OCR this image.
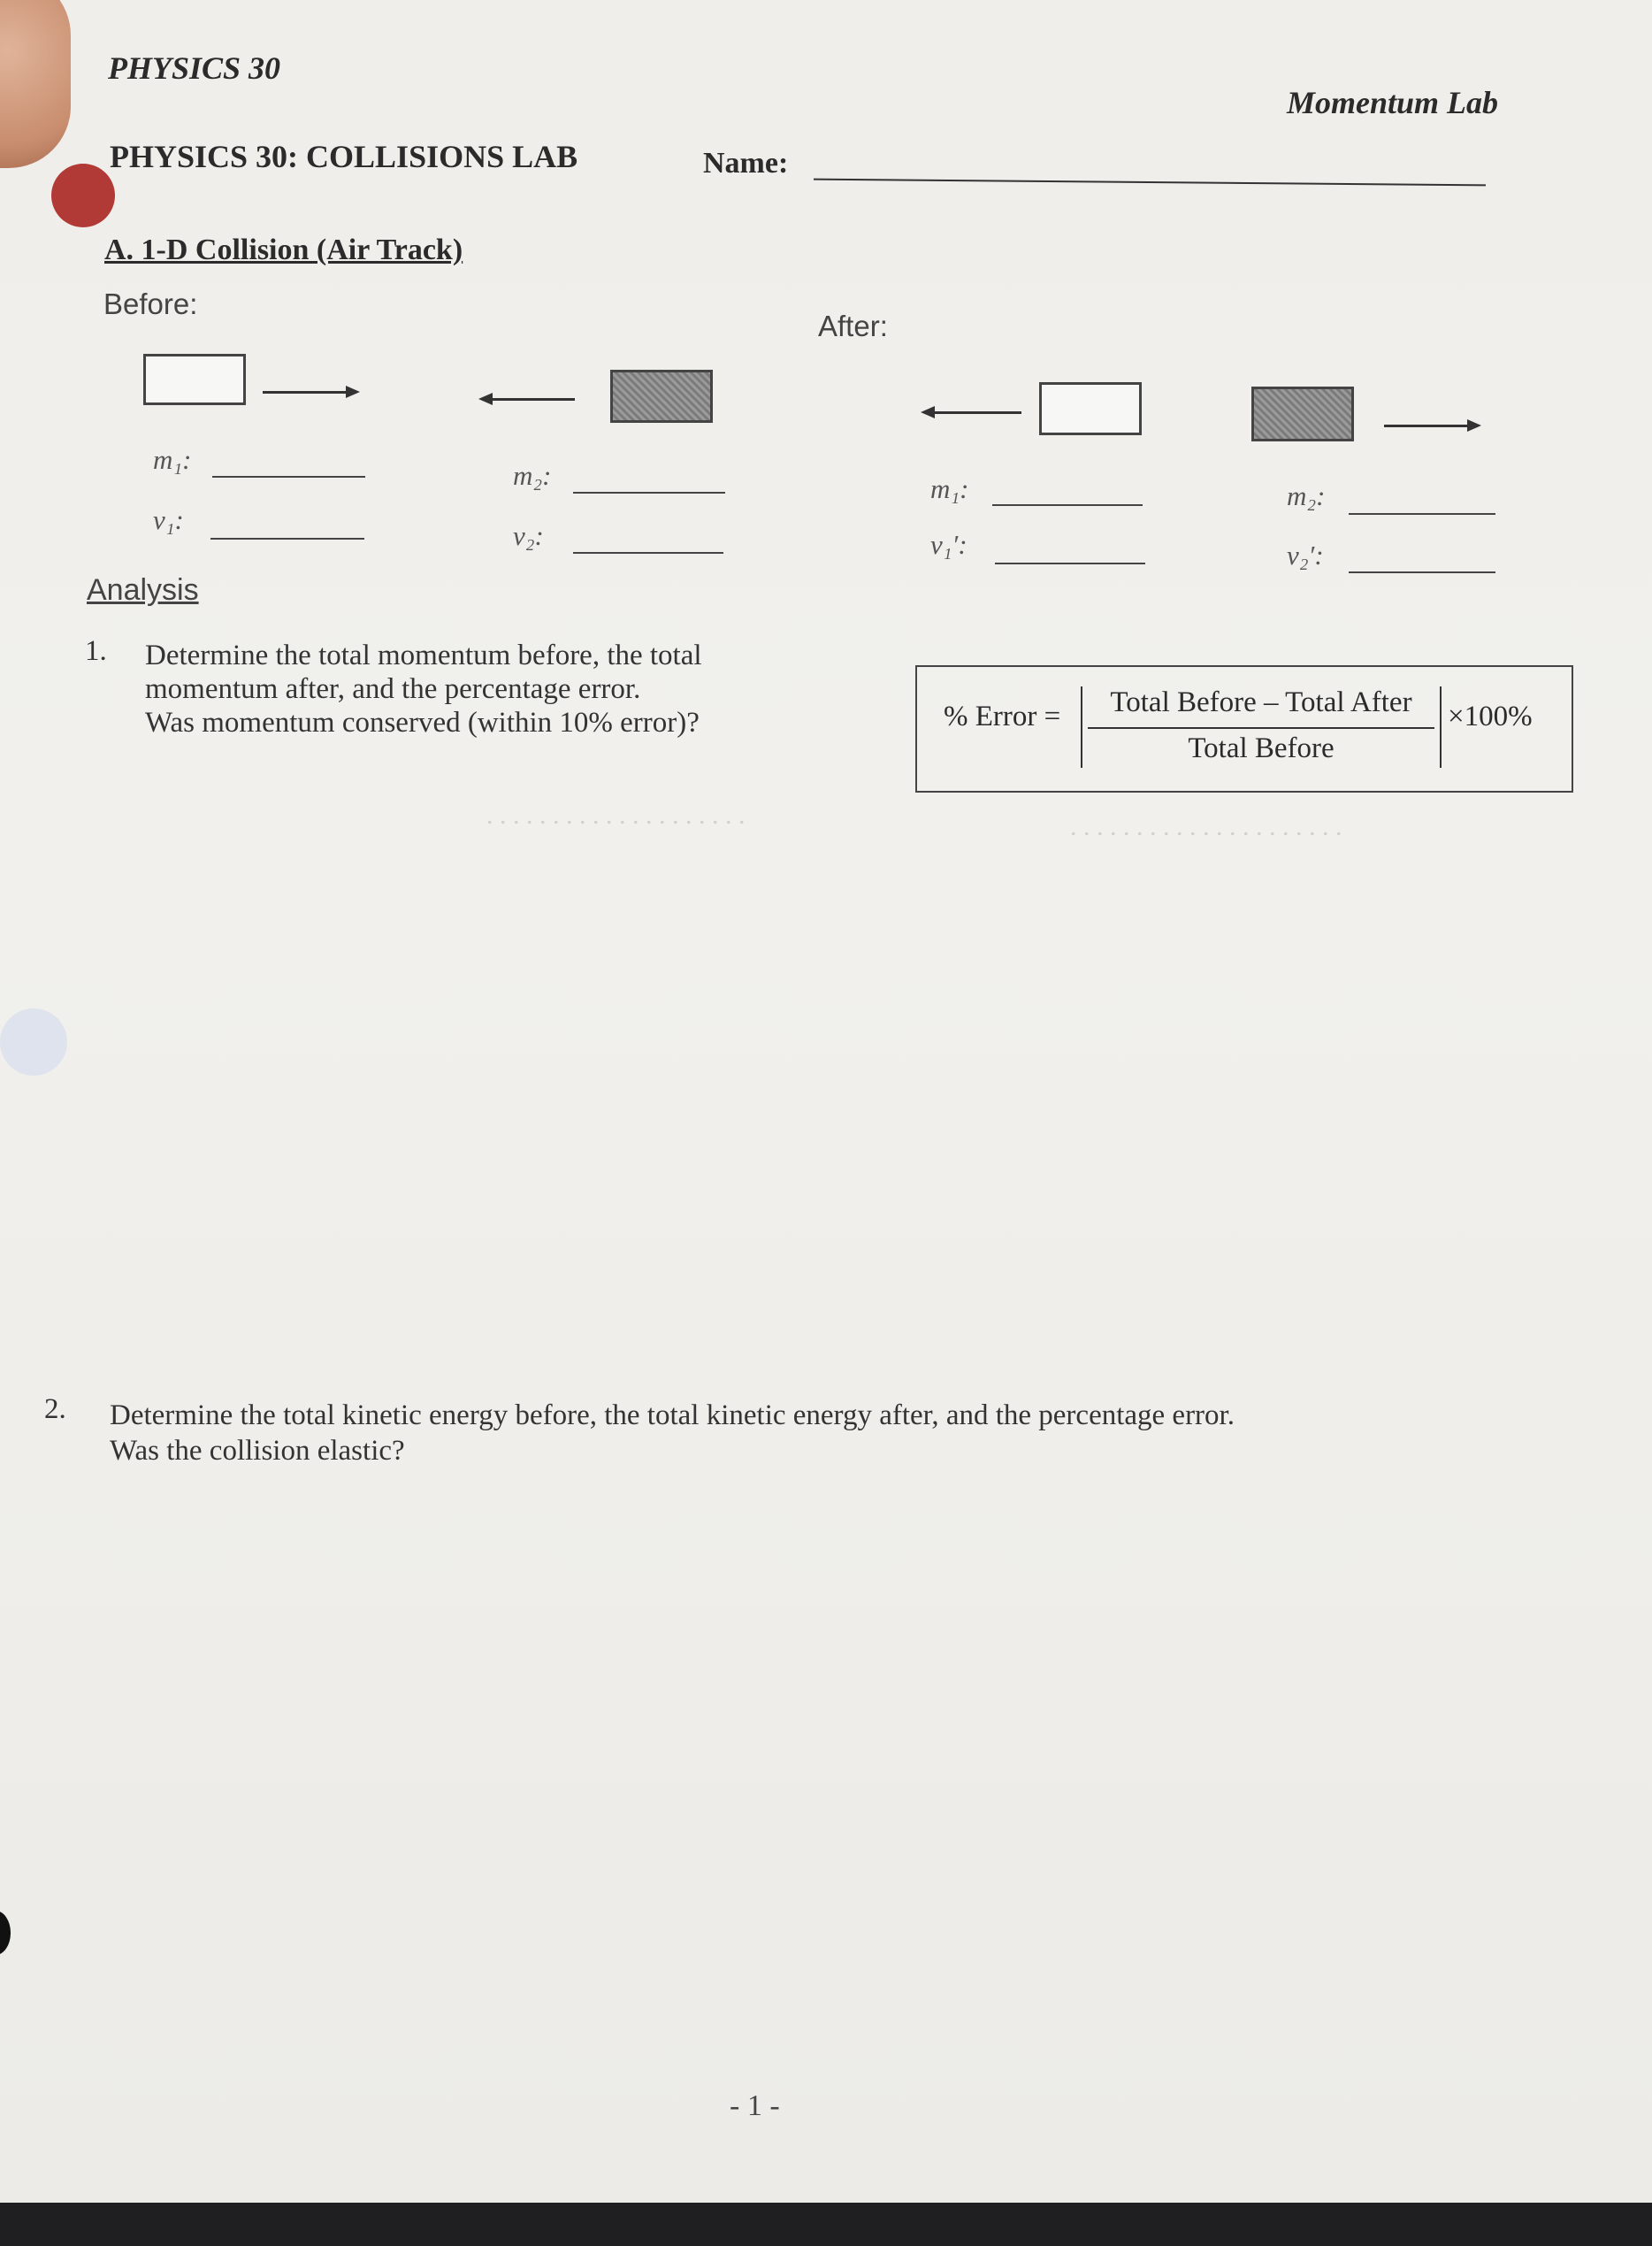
. . . . . . . . . . . . . . . . . . . . .
. . . . . . . . . . . . . . . . . . . .
PHYSICS 30
Momentum Lab
PHYSICS 30: COLLISIONS LAB	Name:
A. 1-D Collision (Air Track)
Before:
After:
m₁:
v₁:
m₂:
v₂:
m₁:
v₁′:
m₂:
v₂′:
Analysis
1. Determine the total momentum before, the total
momentum after, and the percentage error.
Was momentum conserved (within 10% error)?	% Error =	Total Before – Total After
Total Before
×100%
2. Determine the total kinetic energy before, the total kinetic energy after, and the percentage error.
Was the collision elastic?
- 1 -
